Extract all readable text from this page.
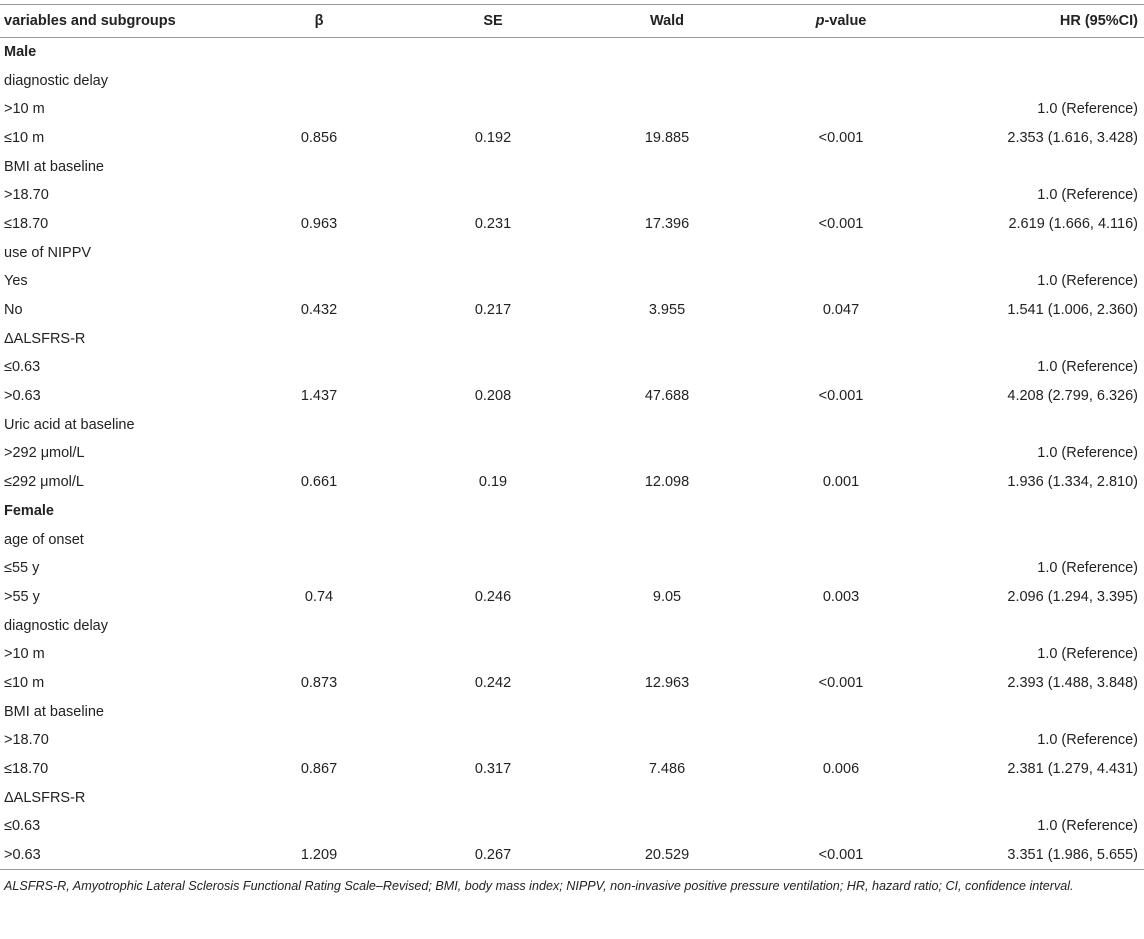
variables and subgroups	β	SE	Wald	p-value	HR (95%CI)
Male					
diagnostic delay					
>10 m					1.0 (Reference)
≤10 m	0.856	0.192	19.885	<0.001	2.353 (1.616, 3.428)
BMI at baseline					
>18.70					1.0 (Reference)
≤18.70	0.963	0.231	17.396	<0.001	2.619 (1.666, 4.116)
use of NIPPV					
Yes					1.0 (Reference)
No	0.432	0.217	3.955	0.047	1.541 (1.006, 2.360)
ΔALSFRS-R					
≤0.63					1.0 (Reference)
>0.63	1.437	0.208	47.688	<0.001	4.208 (2.799, 6.326)
Uric acid at baseline					
>292 μmol/L					1.0 (Reference)
≤292 μmol/L	0.661	0.19	12.098	0.001	1.936 (1.334, 2.810)
Female					
age of onset					
≤55 y					1.0 (Reference)
>55 y	0.74	0.246	9.05	0.003	2.096 (1.294, 3.395)
diagnostic delay					
>10 m					1.0 (Reference)
≤10 m	0.873	0.242	12.963	<0.001	2.393 (1.488, 3.848)
BMI at baseline					
>18.70					1.0 (Reference)
≤18.70	0.867	0.317	7.486	0.006	2.381 (1.279, 4.431)
ΔALSFRS-R					
≤0.63					1.0 (Reference)
>0.63	1.209	0.267	20.529	<0.001	3.351 (1.986, 5.655)
ALSFRS-R, Amyotrophic Lateral Sclerosis Functional Rating Scale–Revised; BMI, body mass index; NIPPV, non-invasive positive pressure ventilation; HR, hazard ratio; CI, confidence interval.
